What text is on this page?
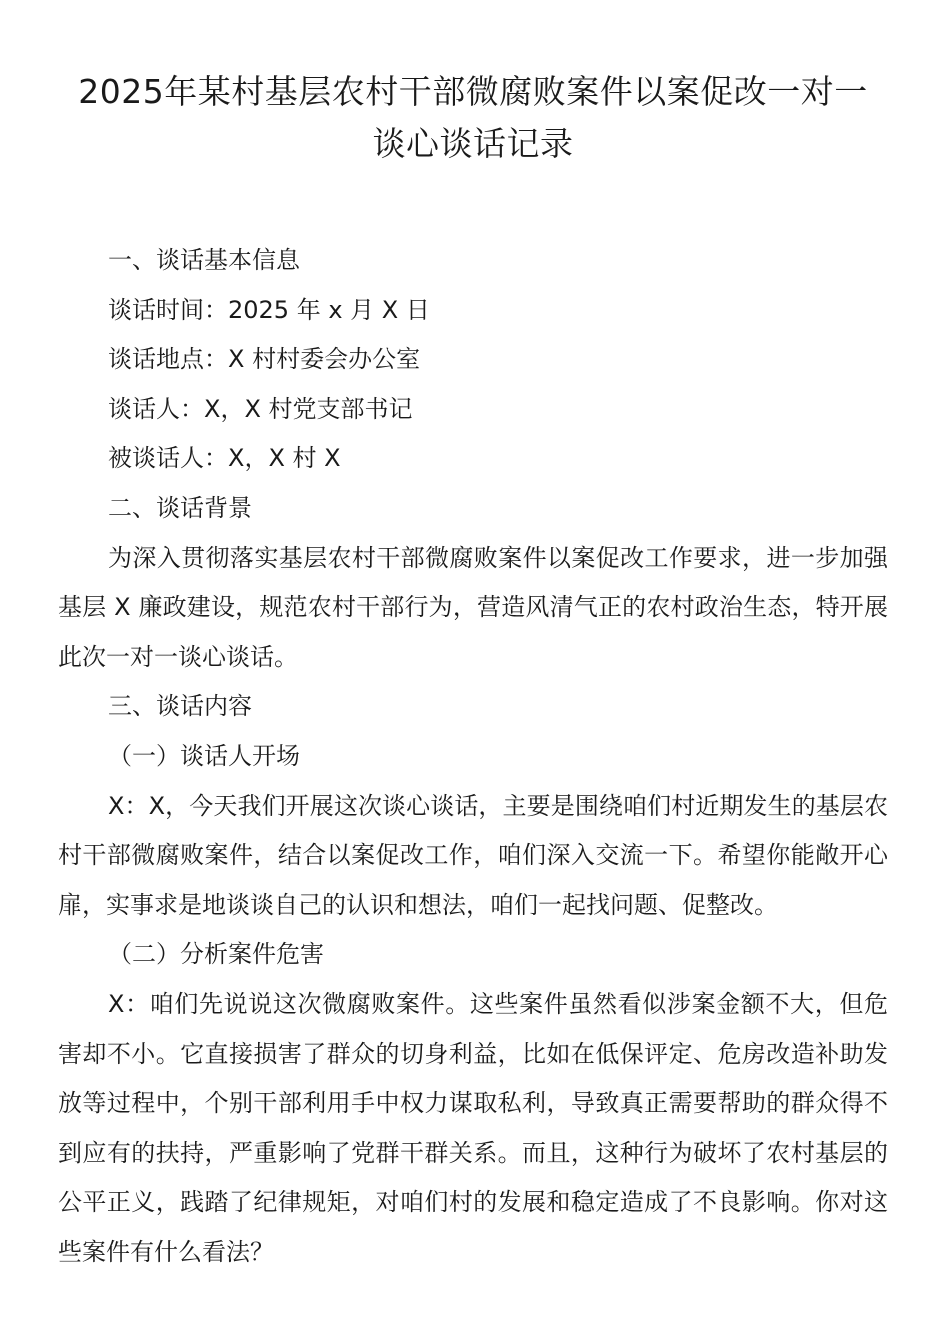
2025年某村基层农村干部微腐败案件以案促改一对一
谈心谈话记录

一、谈话基本信息

谈话时间：2025 年 x 月 X 日

谈话地点：X 村村委会办公室

谈话人：X，X 村党支部书记

被谈话人：X，X 村 X

二、谈话背景

为深入贯彻落实基层农村干部微腐败案件以案促改工作要求，进一步加强基层 X 廉政建设，规范农村干部行为，营造风清气正的农村政治生态，特开展此次一对一谈心谈话。

三、谈话内容

（一）谈话人开场

X：X，今天我们开展这次谈心谈话，主要是围绕咱们村近期发生的基层农村干部微腐败案件，结合以案促改工作，咱们深入交流一下。希望你能敞开心扉，实事求是地谈谈自己的认识和想法，咱们一起找问题、促整改。

（二）分析案件危害

X：咱们先说说这次微腐败案件。这些案件虽然看似涉案金额不大，但危害却不小。它直接损害了群众的切身利益，比如在低保评定、危房改造补助发放等过程中，个别干部利用手中权力谋取私利，导致真正需要帮助的群众得不到应有的扶持，严重影响了党群干群关系。而且，这种行为破坏了农村基层的公平正义，践踏了纪律规矩，对咱们村的发展和稳定造成了不良影响。你对这些案件有什么看法？
